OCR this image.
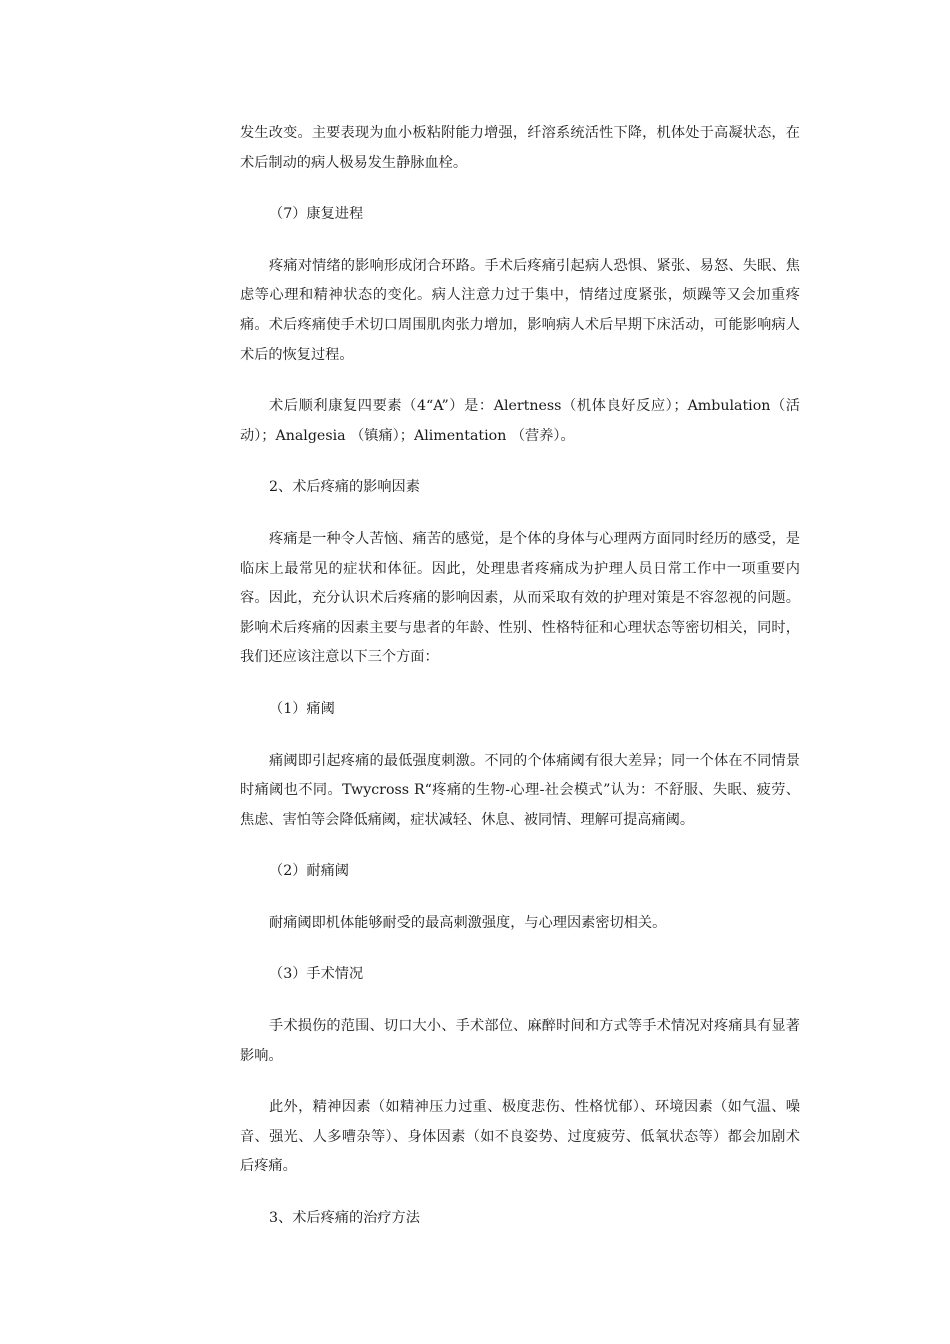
发生改变。主要表现为血小板粘附能力增强，纤溶系统活性下降，机体处于高凝状态，在术后制动的病人极易发生静脉血栓。

（7）康复进程

疼痛对情绪的影响形成闭合环路。手术后疼痛引起病人恐惧、紧张、易怒、失眠、焦虑等心理和精神状态的变化。病人注意力过于集中，情绪过度紧张，烦躁等又会加重疼痛。术后疼痛使手术切口周围肌肉张力增加，影响病人术后早期下床活动，可能影响病人术后的恢复过程。

术后顺利康复四要素（4“A”）是：Alertness（机体良好反应）；Ambulation（活动）；Analgesia （镇痛）；Alimentation （营养）。

2、术后疼痛的影响因素

疼痛是一种令人苦恼、痛苦的感觉，是个体的身体与心理两方面同时经历的感受，是临床上最常见的症状和体征。因此，处理患者疼痛成为护理人员日常工作中一项重要内容。因此，充分认识术后疼痛的影响因素，从而采取有效的护理对策是不容忽视的问题。影响术后疼痛的因素主要与患者的年龄、性别、性格特征和心理状态等密切相关，同时，我们还应该注意以下三个方面：

（1）痛阈

痛阈即引起疼痛的最低强度刺激。不同的个体痛阈有很大差异；同一个体在不同情景时痛阈也不同。Twycross R“疼痛的生物-心理-社会模式”认为：不舒服、失眠、疲劳、焦虑、害怕等会降低痛阈，症状减轻、休息、被同情、理解可提高痛阈。

（2）耐痛阈

耐痛阈即机体能够耐受的最高刺激强度，与心理因素密切相关。

（3）手术情况

手术损伤的范围、切口大小、手术部位、麻醉时间和方式等手术情况对疼痛具有显著影响。

此外，精神因素（如精神压力过重、极度悲伤、性格忧郁）、环境因素（如气温、噪音、强光、人多嘈杂等）、身体因素（如不良姿势、过度疲劳、低氧状态等）都会加剧术后疼痛。

3、术后疼痛的治疗方法
